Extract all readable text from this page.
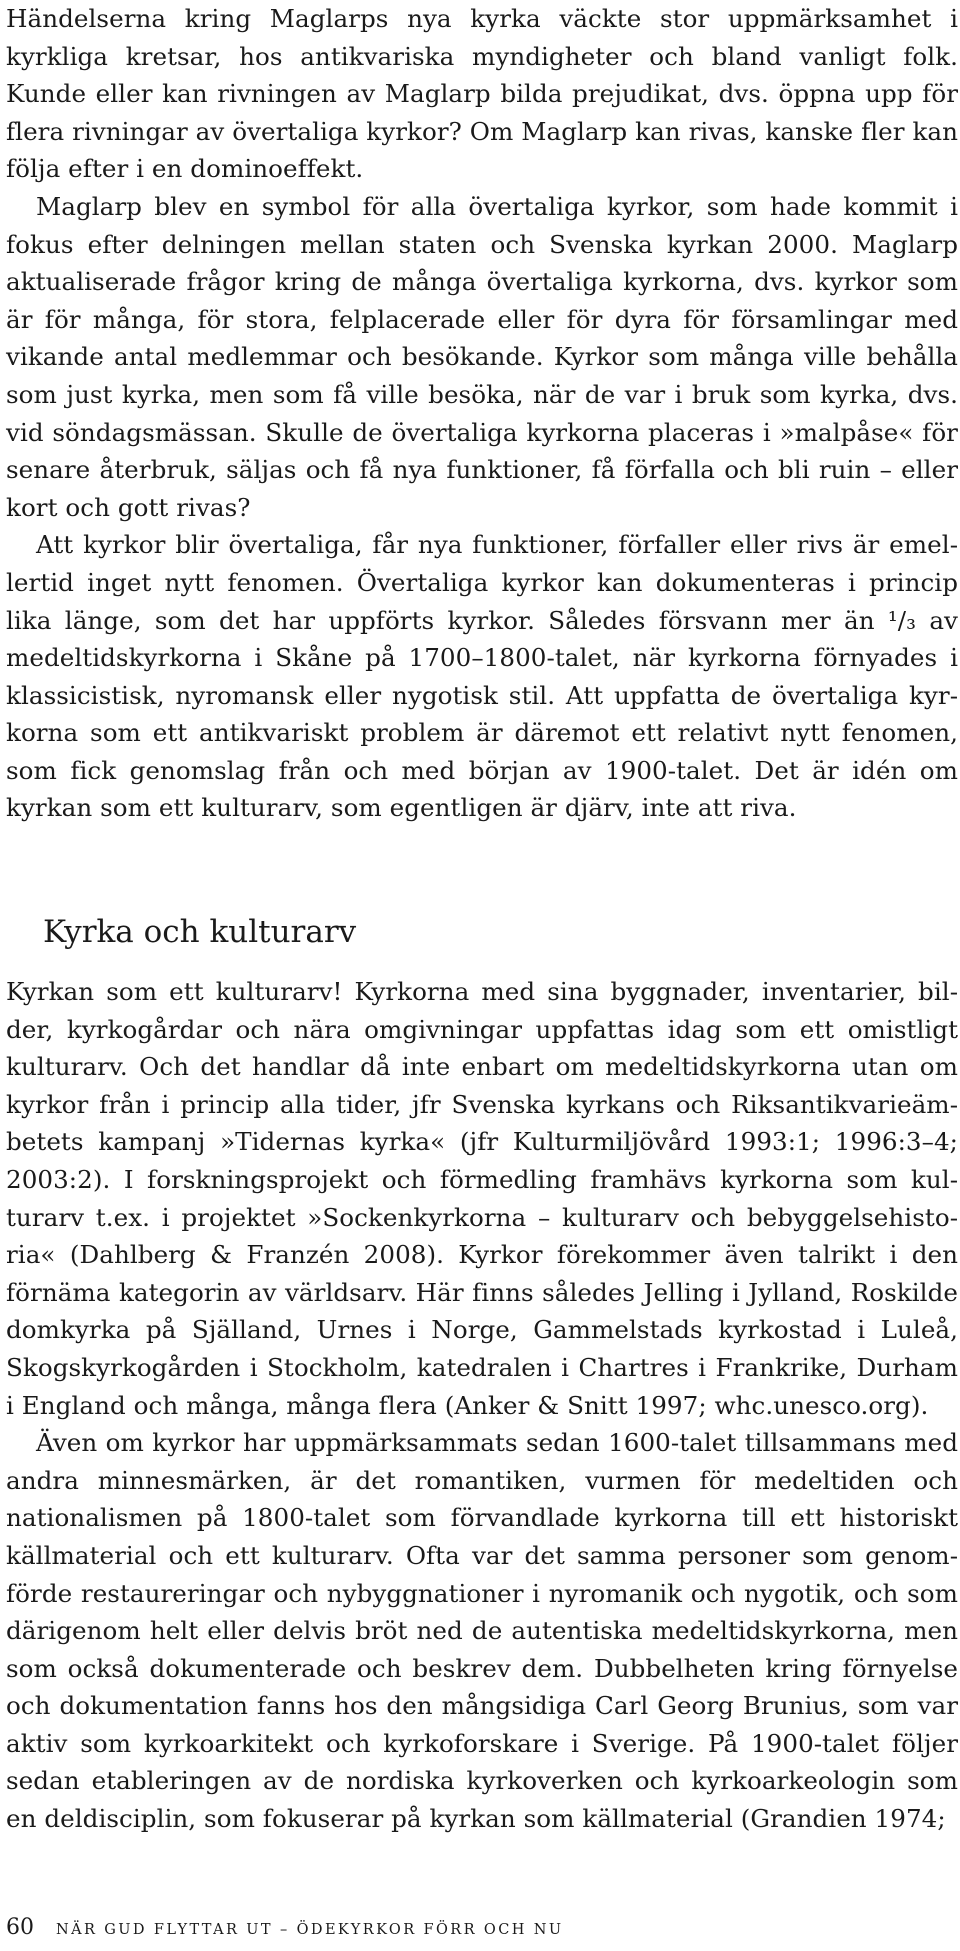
Händelserna kring Maglarps nya kyrka väckte stor uppmärksamhet i kyrkliga kretsar, hos antikvariska myndigheter och bland vanligt folk. Kunde eller kan rivningen av Maglarp bilda prejudikat, dvs. öppna upp för flera rivningar av övertaliga kyrkor? Om Maglarp kan rivas, kanske fler kan följa efter i en dominoeffekt.

Maglarp blev en symbol för alla övertaliga kyrkor, som hade kommit i fokus efter delningen mellan staten och Svenska kyrkan 2000. Maglarp aktualiserade frågor kring de många övertaliga kyrkorna, dvs. kyrkor som är för många, för stora, felplacerade eller för dyra för församlingar med vikande antal medlemmar och besökande. Kyrkor som många ville behålla som just kyrka, men som få ville besöka, när de var i bruk som kyrka, dvs. vid söndagsmässan. Skulle de övertaliga kyrkorna placeras i »malpåse« för senare återbruk, säljas och få nya funktioner, få förfalla och bli ruin – eller kort och gott rivas?

Att kyrkor blir övertaliga, får nya funktioner, förfaller eller rivs är emellertid inget nytt fenomen. Övertaliga kyrkor kan dokumenteras i princip lika länge, som det har uppförts kyrkor. Således försvann mer än ¹/₃ av medeltidskyrkorna i Skåne på 1700–1800-talet, när kyrkorna förnyades i klassicistisk, nyromansk eller nygotisk stil. Att uppfatta de övertaliga kyrkorna som ett antikvariskt problem är däremot ett relativt nytt fenomen, som fick genomslag från och med början av 1900-talet. Det är idén om kyrkan som ett kulturarv, som egentligen är djärv, inte att riva.

Kyrka och kulturarv

Kyrkan som ett kulturarv! Kyrkorna med sina byggnader, inventarier, bilder, kyrkogårdar och nära omgivningar uppfattas idag som ett omistligt kulturarv. Och det handlar då inte enbart om medeltidskyrkorna utan om kyrkor från i princip alla tider, jfr Svenska kyrkans och Riksantikvarieämbetets kampanj »Tidernas kyrka« (jfr Kulturmiljövård 1993:1; 1996:3–4; 2003:2). I forskningsprojekt och förmedling framhävs kyrkorna som kulturarv t.ex. i projektet »Sockenkyrkorna – kulturarv och bebyggelsehistoria« (Dahlberg & Franzén 2008). Kyrkor förekommer även talrikt i den förnäma kategorin av världsarv. Här finns således Jelling i Jylland, Roskilde domkyrka på Själland, Urnes i Norge, Gammelstads kyrkostad i Luleå, Skogskyrkogården i Stockholm, katedralen i Chartres i Frankrike, Durham i England och många, många flera (Anker & Snitt 1997; whc.unesco.org).

Även om kyrkor har uppmärksammats sedan 1600-talet tillsammans med andra minnesmärken, är det romantiken, vurmen för medeltiden och nationalismen på 1800-talet som förvandlade kyrkorna till ett historiskt källmaterial och ett kulturarv. Ofta var det samma personer som genomförde restaureringar och nybyggnationer i nyromanik och nygotik, och som därigenom helt eller delvis bröt ned de autentiska medeltidskyrkorna, men som också dokumenterade och beskrev dem. Dubbelheten kring förnyelse och dokumentation fanns hos den mångsidiga Carl Georg Brunius, som var aktiv som kyrkoarkitekt och kyrkoforskare i Sverige. På 1900-talet följer sedan etableringen av de nordiska kyrkoverken och kyrkoarkeologin som en deldisciplin, som fokuserar på kyrkan som källmaterial (Grandien 1974;

60 NÄR GUD FLYTTAR UT – ÖDEKYRKOR FÖRR OCH NU
